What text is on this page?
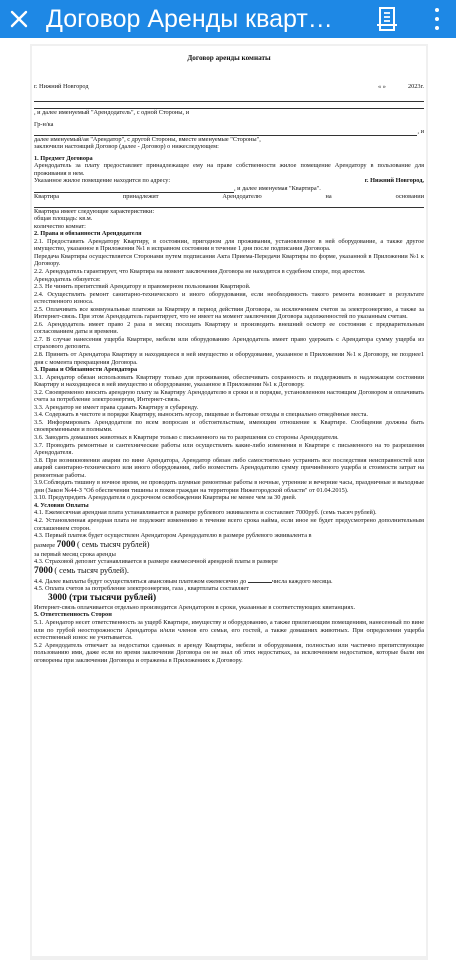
Договор Аренды кварт…
Договор аренды комнаты
г. Нижний Новгород	« »	2023г.
, и далее именуемый "Арендодатель", с одной Стороны, и
Гр-н/ка
, и
далее именуемый/ая "Арендатор", с другой Стороны, вместе именуемые "Стороны",
заключили настоящий Договор (далее - Договор) о нижеследующем:
1. Предмет Договора
Арендодатель за плату предоставляет принадлежащее ему на праве собственности жилое помещение Арендатору в пользование для проживания в нем.
Указанное жилое помещение находится по адресу:	г. Нижний Новгород,
, и далее именуемая "Квартира".
Квартира	принадлежит	Арендодателю	на	основании
Квартира имеет следующие характеристики:
общая площадь: кв.м.
количество комнат:
2. Права и обязанности Арендодателя
2.1. Предоставить Арендатору Квартиру, в состоянии, пригодном для проживания, установленное в ней оборудование, а также другое имущество, указанное в Приложении №1 в исправном состоянии в течение 1 дня после подписания Договора.
Передача Квартиры осуществляется Сторонами путем подписания Акта Приема-Передачи Квартиры по форме, указанной в Приложении №1 к Договору.
2.2. Арендодатель гарантирует, что Квартира на момент заключения Договора не находится в судебном споре, под арестом.
Арендодатель обязуется:
2.3. Не чинить препятствий Арендатору в правомерном пользовании Квартирой.
2.4. Осуществлять ремонт санитарно-технического и иного оборудования, если необходимость такого ремонта возникает в результате естественного износа.
2.5. Оплачивать все коммунальные платежи за Квартиру в период действия Договора, за исключением счетов за электроэнергию, а также за Интернет-связь. При этом Арендодатель гарантирует, что не имеет на момент заключения Договора задолженностей по указанным счетам.
2.6. Арендодатель имеет право 2 раза в месяц посещать Квартиру и производить внешний осмотр ее состояния с предварительным согласованием даты и времени.
2.7. В случае нанесения ущерба Квартире, мебели или оборудованию Арендодатель имеет право удержать с Арендатора сумму ущерба из страхового депозита.
2.8. Принять от Арендатора Квартиру и находящееся в ней имущество и оборудование, указанное в Приложении №1 к Договору, не позднее1 дня с момента прекращения Договора.
3. Права и Обязанности Арендатора
3.1. Арендатор обязан использовать Квартиру только для проживания, обеспечивать сохранность и поддерживать в надлежащем состоянии Квартиру и находящееся в ней имущество и оборудование, указанное в Приложении №1 к Договору.
3.2. Своевременно вносить арендную плату за Квартиру Арендодателю в сроки и в порядке, установленном настоящим Договором и оплачивать счета за потребление электроэнергии, Интернет-связь.
3.3. Арендатор не имеет права сдавать Квартиру в субаренду.
3.4. Содержать в чистоте и порядке Квартиру, выносить мусор, пищевые и бытовые отходы в специально отведённые места.
3.5. Информировать Арендодателя по всем вопросам и обстоятельствам, имеющим отношение к Квартире. Сообщения должны быть своевременными и полными.
3.6. Заводить домашних животных в Квартире только с письменного на то разрешения со стороны Арендодателя.
3.7. Проводить ремонтные и сантехнические работы или осуществлять какие-либо изменения в Квартире с письменного на то разрешения Арендодателя.
3.8. При возникновении аварии по вине Арендатора, Арендатор обязан либо самостоятельно устранить все последствия неисправностей или аварий санитарно-технического или иного оборудования, либо возместить Арендодателю сумму причинённого ущерба и стоимости затрат на ремонтные работы.
3.9.Соблюдать тишину в ночное время, не проводить шумные ремонтные работы в ночные, утренние и вечерние часы, праздничные и выходные дни (Закон №44-З "Об обеспечении тишины и покоя граждан на территории Нижегородской области" от 01.04.2015).
3.10. Предупредить Арендодателя о досрочном освобождении Квартиры не менее чем за 30 дней.
4. Условия Оплаты
4.1. Ежемесячная арендная плата устанавливается в размере рублевого эквивалента и составляет 7000руб. (семь тысяч рублей).
4.2. Установленная арендная плата не подлежит изменению в течение всего срока найма, если иное не будет предусмотрено дополнительным соглашением сторон.
4.3. Первый платеж будет осуществлен Арендатором Арендодателю в размере рублевого эквивалента в
размере 7000 ( семь тысяч рублей)
за первый месяц срока аренды
4.3. Страховой депозит устанавливается в размере ежемесячной арендной платы в размере
7000 ( семь тысяч рублей).
4.4. Далее выплаты будут осуществляться авансовым платежом ежемесячно до	числа каждого месяца.
4.5. Оплата счетов за потребление электроэнергии, газа , квартплаты составляет
3000 (три тысячи рублей)
Интернет-связь оплачивается отдельно производится Арендатором в сроки, указанные в соответствующих квитанциях.
5. Ответственность Сторон
5.1. Арендатор несет ответственность за ущерб Квартире, имуществу и оборудованию, а также прилегающим помещениям, нанесенный по вине или по грубой неосторожности Арендатора и/или членов его семьи, его гостей, а также домашних животных. При определении ущерба естественный износ не учитывается.
5.2 Арендодатель отвечает за недостатки сданных в аренду Квартиры, мебели и оборудования, полностью или частично препятствующие пользованию ими, даже если во время заключения Договора он не знал об этих недостатках, за исключением недостатков, которые были им оговорены при заключении Договора и отражены в Приложениях к Договору.
